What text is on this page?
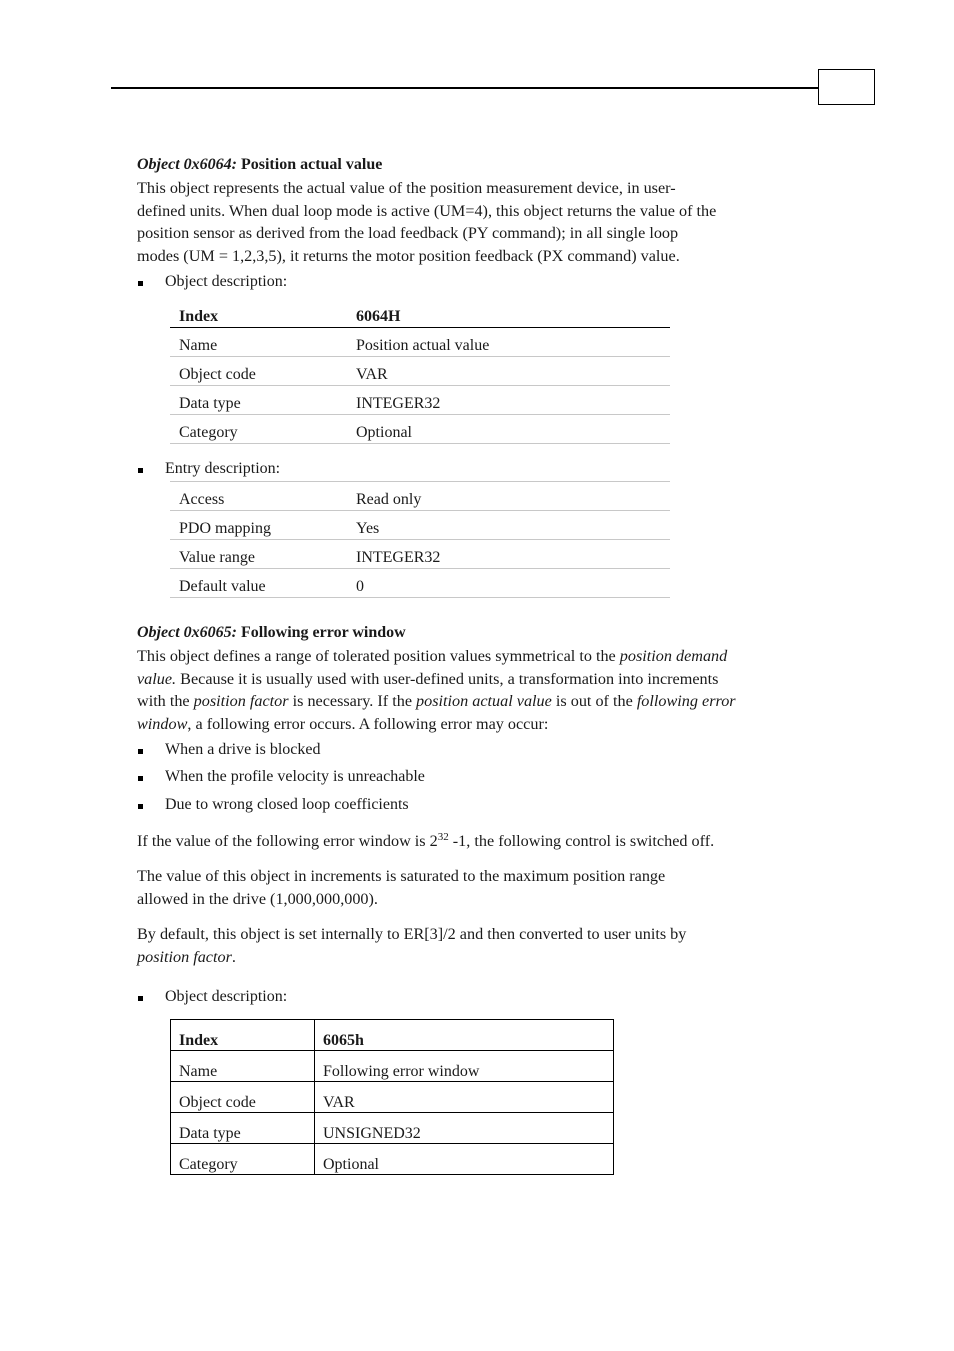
Object 0x6064: Position actual value
This object represents the actual value of the position measurement device, in user-
defined units. When dual loop mode is active (UM=4), this object returns the value of the
position sensor as derived from the load feedback (PY command); in all single loop
modes (UM = 1,2,3,5), it returns the motor position feedback (PX command) value.
Object description:
Index	6064H
Name	Position actual value
Object code	VAR
Data type	INTEGER32
Category	Optional
Entry description:
Access	Read only
PDO mapping	Yes
Value range	INTEGER32
Default value	0
Object 0x6065: Following error window
This object defines a range of tolerated position values symmetrical to the position demand
value. Because it is usually used with user-defined units, a transformation into increments
with the position factor is necessary. If the position actual value is out of the following error
window, a following error occurs. A following error may occur:
When a drive is blocked
When the profile velocity is unreachable
Due to wrong closed loop coefficients
If the value of the following error window is $2^{32}$ -1, the following control is switched off.
The value of this object in increments is saturated to the maximum position range
allowed in the drive (1,000,000,000).
By default, this object is set internally to ER[3]/2 and then converted to user units by
position factor.
Object description:
Index	6065h
Name	Following error window
Object code	VAR
Data type	UNSIGNED32
Category	Optional
